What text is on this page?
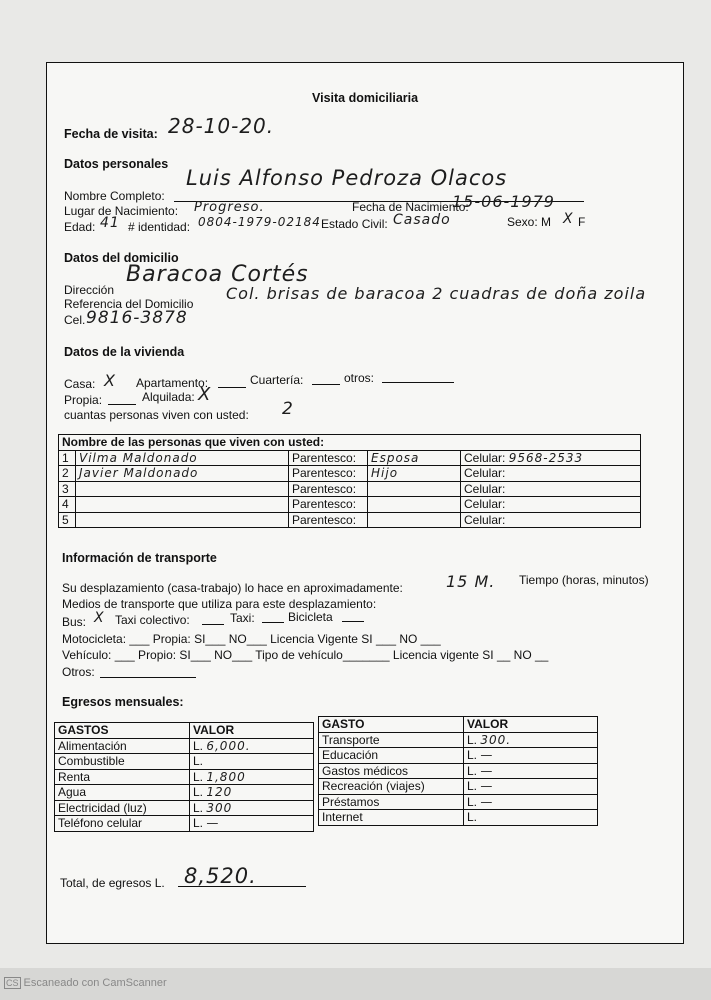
Visita domiciliaria
Fecha de visita: 28-10-20.
Datos personales
Nombre Completo:
Luis Alfonso Pedroza Olacos
Lugar de Nacimiento: Progreso.	Fecha de Nacimiento:
15-06-1979
Edad: 41 # identidad: 0804-1979-02184 Estado Civil: Casado	Sexo: M X F
Datos del domicilio
Dirección
Baracoa Cortés
Referencia del Domicilio
Col. brisas de baracoa 2 cuadras de doña zoila
Cel. 9816-3878
Datos de la vivienda
Casa: X Apartamento:	Cuartería:	otros:
Propia:	Alquilada: X
cuantas personas viven con usted: 2
Nombre de las personas que viven con usted:				
1	Vilma Maldonado	Parentesco:	Esposa	Celular: 9568-2533
2	Javier Maldonado	Parentesco:	Hijo	Celular:
3		Parentesco:		Celular:
4		Parentesco:		Celular:
5		Parentesco:		Celular:
Información de transporte
Su desplazamiento (casa-trabajo) lo hace en aproximadamente:	15 M. Tiempo (horas, minutos)
Medios de transporte que utiliza para este desplazamiento:
Bus: X Taxi colectivo:	Taxi:	Bicicleta
Motocicleta: ___ Propia: SI___ NO___ Licencia Vigente SI ___ NO ___
Vehículo: ___ Propio: SI___ NO___ Tipo de vehículo_______ Licencia vigente SI __ NO __
Otros:
Egresos mensuales:
GASTOS	VALOR
Alimentación	L. 6,000.
Combustible	L.
Renta	L. 1,800
Agua	L. 120
Electricidad (luz)	L. 300
Teléfono celular	L. —
GASTO	VALOR
Transporte	L. 300.
Educación	L. —
Gastos médicos	L. —
Recreación (viajes)	L. —
Préstamos	L. —
Internet	L.
Total, de egresos L. 8,520.
CS Escaneado con CamScanner
